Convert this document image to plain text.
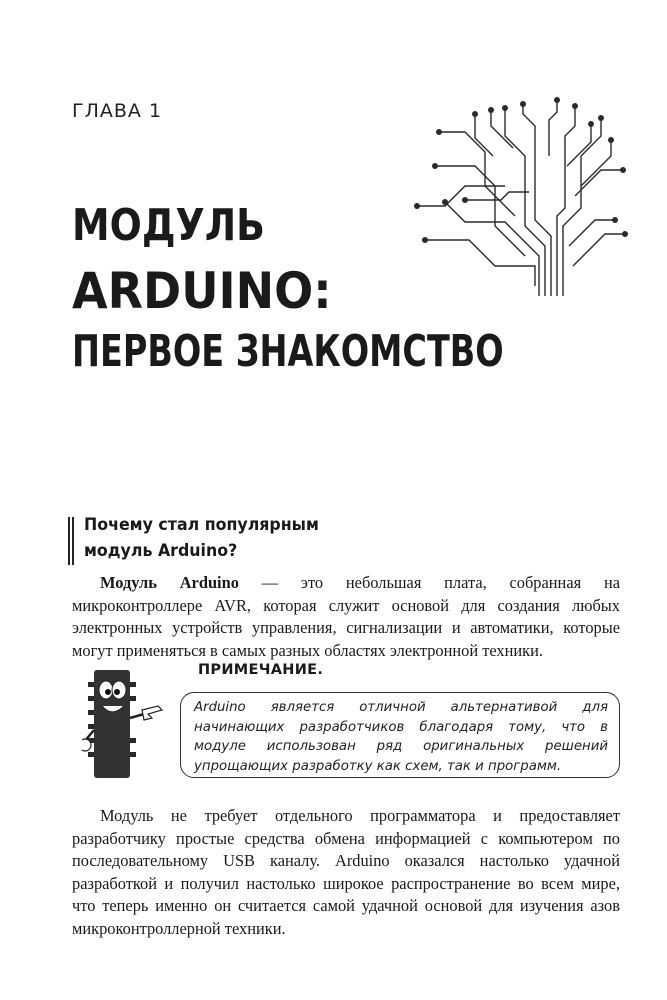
ГЛАВА 1
МОДУЛЬ
ARDUINO:
ПЕРВОЕ ЗНАКОМСТВО
Почему стал популярным
модуль Arduino?

Модуль Arduino — это небольшая плата, собранная на микроконтроллере AVR, которая служит основой для создания любых электронных устройств управления, сигнализации и автоматики, которые могут применяться в самых разных областях электронной техники.

ПРИМЕЧАНИЕ.

Arduino является отличной альтернативой для начинающих разработчиков благодаря тому, что в модуле использован ряд оригинальных решений упрощающих разработку как схем, так и программ.

Модуль не требует отдельного программатора и предоставляет разработчику простые средства обмена информацией с компьютером по последовательному USB каналу. Arduino оказался настолько удачной разработкой и получил настолько широкое распространение во всем мире, что теперь именно он считается самой удачной основой для изучения азов микроконтроллерной техники.
